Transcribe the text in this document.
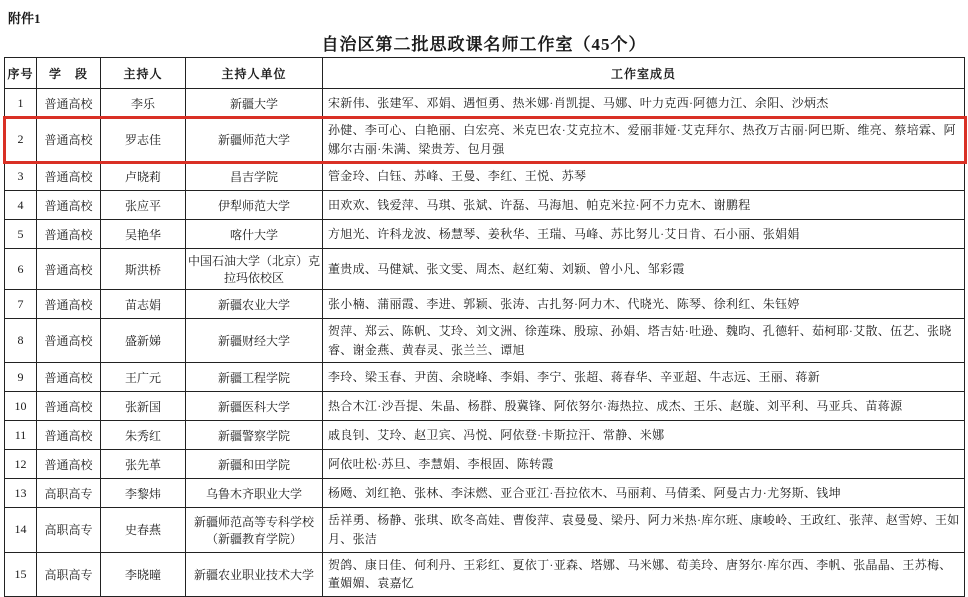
附件1
自治区第二批思政课名师工作室（45个）
序号	学　段	主持人	主持人单位	工作室成员
1	普通高校	李乐	新疆大学	宋新伟、张建军、邓娟、遇恒勇、热米娜·肖凯提、马娜、叶力克西·阿德力江、余阳、沙炳杰
2	普通高校	罗志佳	新疆师范大学	孙健、李可心、白艳丽、白宏亮、米克巴农·艾克拉木、爱丽菲娅·艾克拜尔、热孜万古丽·阿巴斯、维亮、蔡培霖、阿娜尔古丽·朱满、梁贵芳、包月强
3	普通高校	卢晓莉	昌吉学院	管金玲、白钰、苏峰、王曼、李红、王悦、苏琴
4	普通高校	张应平	伊犁师范大学	田欢欢、钱爱萍、马琪、张斌、许磊、马海旭、帕克米拉·阿不力克木、谢鹏程
5	普通高校	吴艳华	喀什大学	方旭光、许科龙波、杨慧琴、姜秋华、王瑞、马峰、苏比努儿·艾日肯、石小丽、张娟娟
6	普通高校	斯洪桥	中国石油大学（北京）克拉玛依校区	董贵成、马健斌、张文雯、周杰、赵红菊、刘颖、曾小凡、邹彩霞
7	普通高校	苗志娟	新疆农业大学	张小楠、蒲丽霞、李进、郭颖、张涛、古扎努·阿力木、代晓光、陈琴、徐利红、朱钰婷
8	普通高校	盛新娣	新疆财经大学	贺萍、郑云、陈帆、艾玲、刘文洲、徐莲珠、殷琼、孙娟、塔吉姑·吐逊、魏昀、孔德轩、茹柯耶·艾散、伍艺、张晓睿、谢金燕、黄春灵、张兰兰、谭旭
9	普通高校	王广元	新疆工程学院	李玲、梁玉春、尹茵、余晓峰、李娟、李宁、张超、蒋春华、辛亚超、牛志远、王丽、蒋新
10	普通高校	张新国	新疆医科大学	热合木江·沙吾提、朱晶、杨群、殷冀锋、阿依努尔·海热拉、成杰、王乐、赵璇、刘平利、马亚兵、苗蒋源
11	普通高校	朱秀红	新疆警察学院	戚良钊、艾玲、赵卫宾、冯悦、阿依登·卡斯拉汗、常静、米娜
12	普通高校	张先革	新疆和田学院	阿依吐松·苏旦、李慧娟、李根固、陈转霞
13	高职高专	李黎炜	乌鲁木齐职业大学	杨飏、刘红艳、张林、李沫燃、亚合亚江·吾拉依木、马丽莉、马倩柔、阿曼古力·尤努斯、钱坤
14	高职高专	史春燕	新疆师范高等专科学校（新疆教育学院）	岳祥勇、杨静、张琪、欧冬高娃、曹俊萍、袁曼曼、梁丹、阿力米热·库尔班、康峻岭、王政红、张萍、赵雪婷、王如月、张洁
15	高职高专	李晓曈	新疆农业职业技术大学	贺鸽、康日佳、何利丹、王彩红、夏依丁·亚森、塔娜、马米娜、荀美玲、唐努尔·库尔西、李帆、张晶晶、王苏梅、董媚媚、袁嘉忆
